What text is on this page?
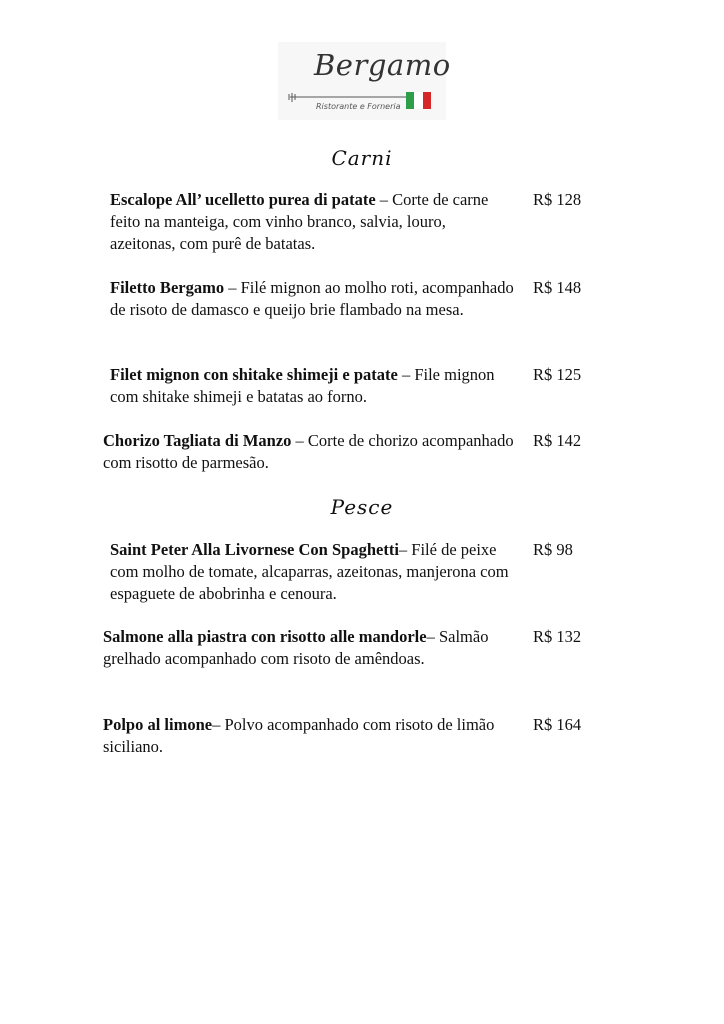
Bergamo
Ristorante e Forneria
Carni
Escalope All’ ucelletto purea di patate – Corte de carne feito na manteiga, com vinho branco, salvia, louro, azeitonas, com purê de batatas.
R$ 128
Filetto Bergamo – Filé mignon ao molho roti, acompanhado de risoto de damasco e queijo brie flambado na mesa.
R$ 148
Filet mignon con shitake shimeji e patate – File mignon com shitake shimeji e batatas ao forno.
R$ 125
Chorizo Tagliata di Manzo – Corte de chorizo acompanhado com risotto de parmesão.
R$ 142
Pesce
Saint Peter Alla Livornese Con Spaghetti– Filé de peixe com molho de tomate, alcaparras, azeitonas, manjerona com espaguete de abobrinha e cenoura.
R$ 98
Salmone alla piastra con risotto alle mandorle– Salmão grelhado acompanhado com risoto de amêndoas.
R$ 132
Polpo al limone– Polvo acompanhado com risoto de limão siciliano.
R$ 164
